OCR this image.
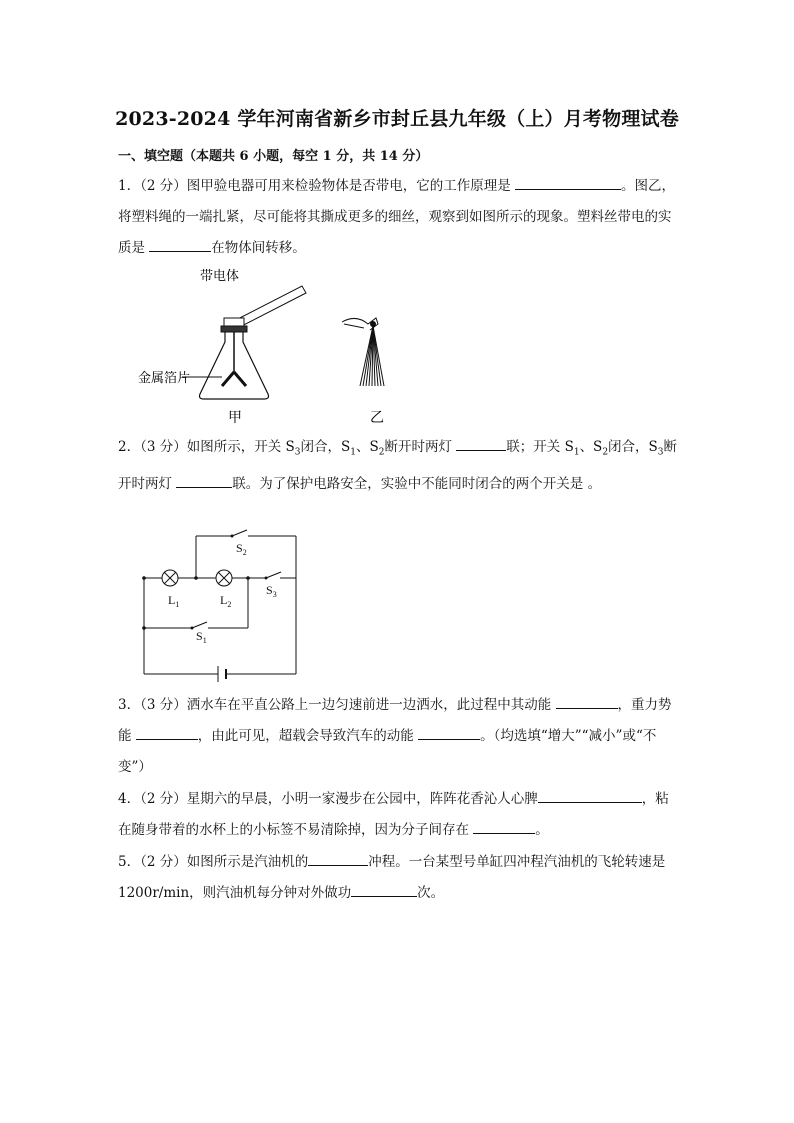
2023-2024 学年河南省新乡市封丘县九年级（上）月考物理试卷
一、填空题（本题共 6 小题，每空 1 分，共 14 分）
1．（2 分）图甲验电器可用来检验物体是否带电，它的工作原理是	。图乙，将塑料绳的一端扎紧，尽可能将其撕成更多的细丝，观察到如图所示的现象。塑料丝带电的实质是	在物体间转移。
带电体
金属箔片
甲	乙
2．（3 分）如图所示，开关 $S_3$闭合，$S_1$、$S_2$断开时两灯	联；开关 $S_1$、$S_2$闭合，$S_3$断开时两灯	联。为了保护电路安全，实验中不能同时闭合的两个开关是 。
$S_2$
$S_3$
$L_1$	$L_2$
$S_1$
3．（3 分）洒水车在平直公路上一边匀速前进一边洒水，此过程中其动能	，重力势能	，由此可见，超载会导致汽车的动能	。（均选填“增大”“减小”或“不变”）
4．（2 分）星期六的早晨，小明一家漫步在公园中，阵阵花香沁人心脾	，粘在随身带着的水杯上的小标签不易清除掉，因为分子间存在	。
5．（2 分）如图所示是汽油机的	冲程。一台某型号单缸四冲程汽油机的飞轮转速是 1200r/min，则汽油机每分钟对外做功	次。
